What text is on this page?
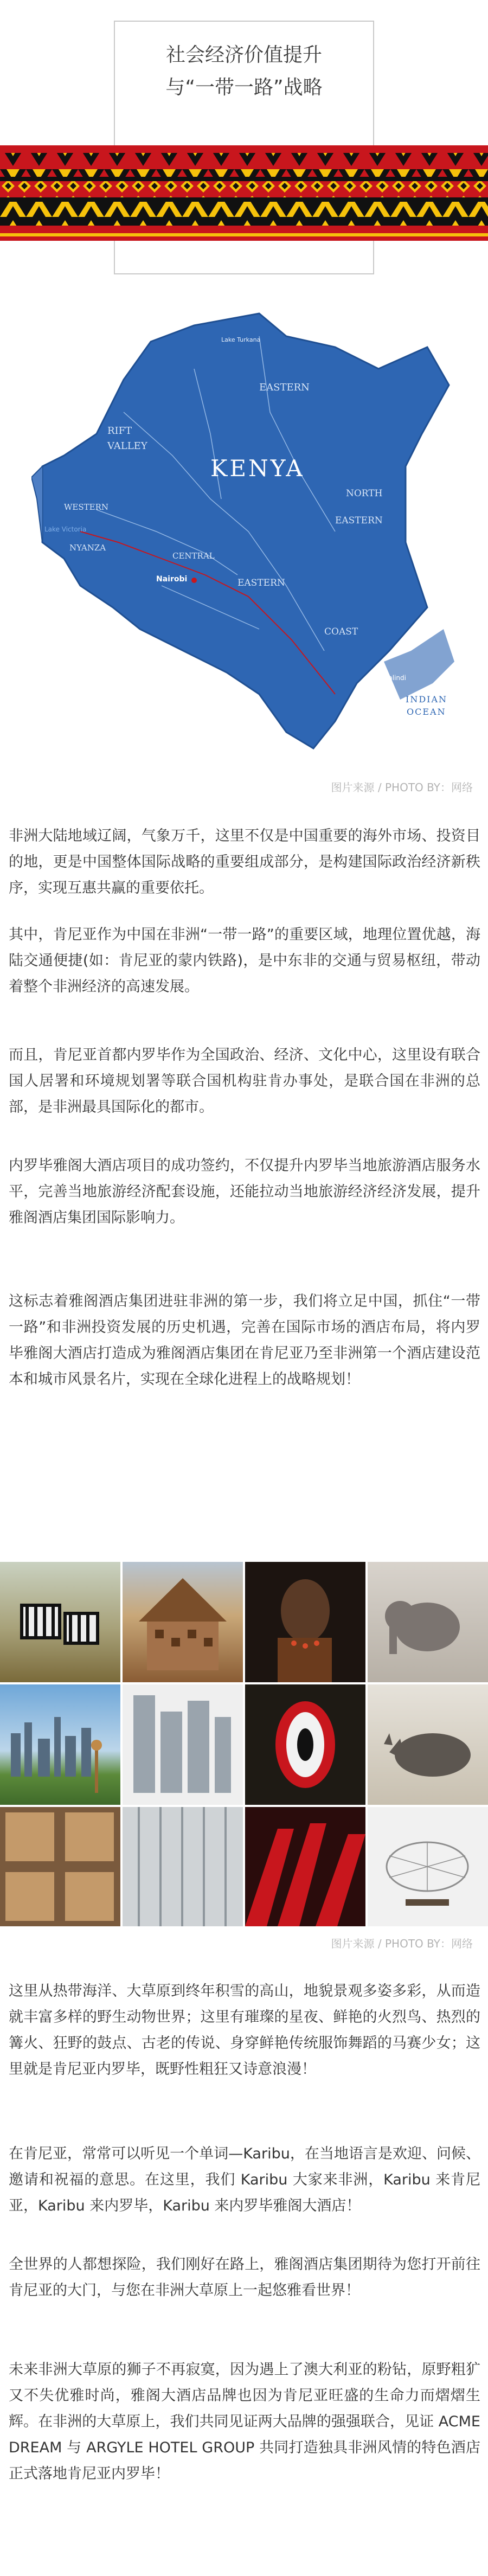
社会经济价值提升
与“一带一路”战略
EASTERN
RIFT
VALLEY
WESTERN
NYANZA
CENTRAL
NORTH
EASTERN
EASTERN
COAST
KENYA
Lake Turkana
Lake Victoria
Nairobi
Mombasa
Malindi
INDIAN
OCEAN
图片来源 / PHOTO BY：网络
非洲大陆地域辽阔，气象万千，这里不仅是中国重要的海外市场、投资目的地，更是中国整体国际战略的重要组成部分，是构建国际政治经济新秩序，实现互惠共赢的重要依托。
其中，肯尼亚作为中国在非洲“一带一路”的重要区域，地理位置优越，海陆交通便捷(如：肯尼亚的蒙内铁路)，是中东非的交通与贸易枢纽，带动着整个非洲经济的高速发展。
而且，肯尼亚首都内罗毕作为全国政治、经济、文化中心，这里设有联合国人居署和环境规划署等联合国机构驻肯办事处，是联合国在非洲的总部，是非洲最具国际化的都市。
内罗毕雅阁大酒店项目的成功签约，不仅提升内罗毕当地旅游酒店服务水平，完善当地旅游经济配套设施，还能拉动当地旅游经济经济发展，提升雅阁酒店集团国际影响力。
这标志着雅阁酒店集团进驻非洲的第一步，我们将立足中国，抓住“一带一路”和非洲投资发展的历史机遇，完善在国际市场的酒店布局，将内罗毕雅阁大酒店打造成为雅阁酒店集团在肯尼亚乃至非洲第一个酒店建设范本和城市风景名片，实现在全球化进程上的战略规划！
图片来源 / PHOTO BY：网络
这里从热带海洋、大草原到终年积雪的高山，地貌景观多姿多彩，从而造就丰富多样的野生动物世界；这里有璀璨的星夜、鲜艳的火烈鸟、热烈的篝火、狂野的鼓点、古老的传说、身穿鲜艳传统服饰舞蹈的马赛少女；这里就是肯尼亚内罗毕，既野性粗狂又诗意浪漫！
在肯尼亚，常常可以听见一个单词—Karibu，在当地语言是欢迎、问候、邀请和祝福的意思。在这里，我们 Karibu 大家来非洲，Karibu 来肯尼亚，Karibu 来内罗毕，Karibu 来内罗毕雅阁大酒店！
全世界的人都想探险，我们刚好在路上，雅阁酒店集团期待为您打开前往肯尼亚的大门，与您在非洲大草原上一起悠雅看世界！
未来非洲大草原的狮子不再寂寞，因为遇上了澳大利亚的粉钻，原野粗犷又不失优雅时尚，雅阁大酒店品牌也因为肯尼亚旺盛的生命力而熠熠生辉。在非洲的大草原上，我们共同见证两大品牌的强强联合，见证 ACME DREAM 与 ARGYLE HOTEL GROUP 共同打造独具非洲风情的特色酒店正式落地肯尼亚内罗毕！
